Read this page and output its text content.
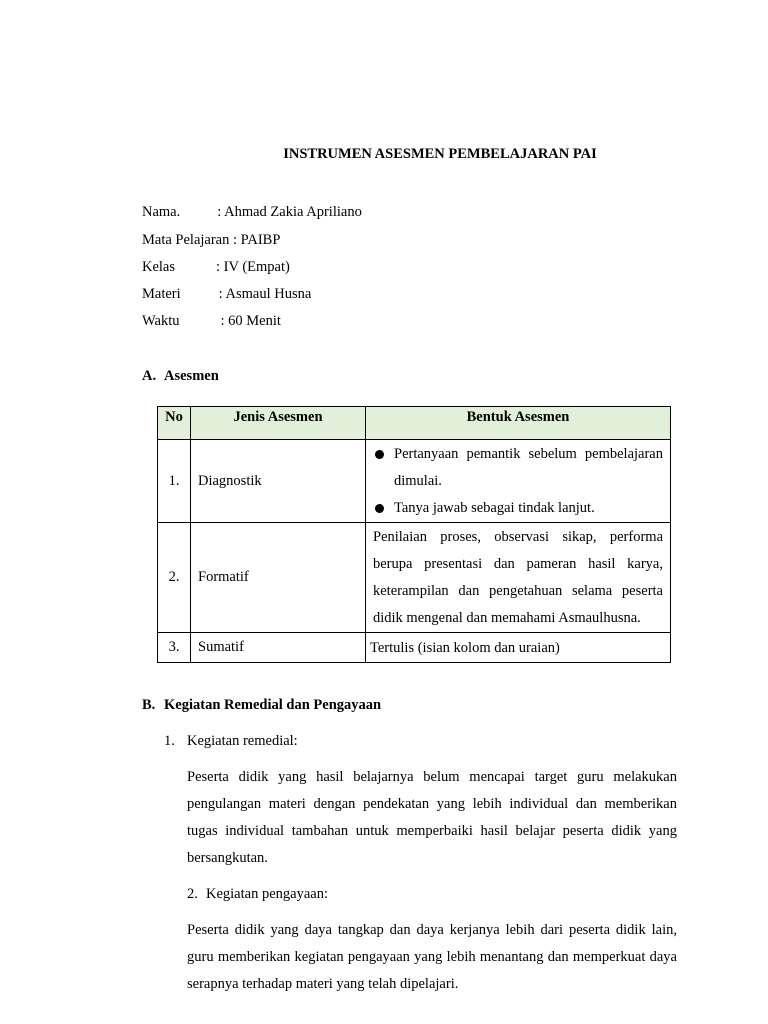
INSTRUMEN ASESMEN PEMBELAJARAN PAI
Nama.	: Ahmad Zakia Apriliano
Mata Pelajaran : PAIBP
Kelas	: IV (Empat)
Materi	: Asmaul Husna
Waktu	: 60 Menit
A. Asesmen
No	Jenis Asesmen	Bentuk Asesmen
1.	Diagnostik	Pertanyaan pemantik sebelum pembelajaran dimulai.
Tanya jawab sebagai tindak lanjut.

2.	Formatif	Penilaian proses, observasi sikap, performa berupa presentasi dan pameran hasil karya, keterampilan dan pengetahuan selama peserta didik mengenal dan memahami Asmaulhusna.
3.	Sumatif	Tertulis (isian kolom dan uraian)
B. Kegiatan Remedial dan Pengayaan
1. Kegiatan remedial:
Peserta didik yang hasil belajarnya belum mencapai target guru melakukan pengulangan materi dengan pendekatan yang lebih individual dan memberikan tugas individual tambahan untuk memperbaiki hasil belajar peserta didik yang bersangkutan.
2. Kegiatan pengayaan:
Peserta didik yang daya tangkap dan daya kerjanya lebih dari peserta didik lain, guru memberikan kegiatan pengayaan yang lebih menantang dan memperkuat daya serapnya terhadap materi yang telah dipelajari.
